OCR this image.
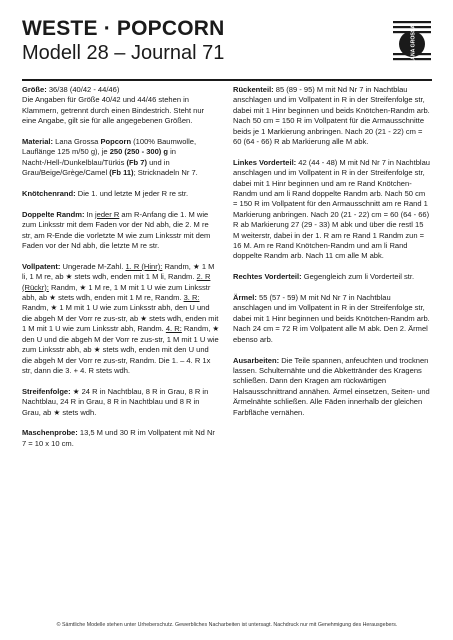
WESTE · POPCORN
Modell 28 – Journal 71	LANA GROSSA

Größe: 36/38 (40/42 - 44/46)
Die Angaben für Größe 40/42 und 44/46 stehen in Klammern, getrennt durch einen Bindestrich. Steht nur eine Angabe, gilt sie für alle angegebenen Größen.

Material: Lana Grossa Popcorn (100% Baumwolle, Lauflänge 125 m/50 g), je 250 (250 - 300) g in Nacht-/Hell-/Dunkelblau/Türkis (Fb 7) und in Grau/Beige/Grège/Camel (Fb 11); Stricknadeln Nr 7.

Knötchenrand: Die 1. und letzte M jeder R re str.

Doppelte Randm: In jeder R am R-Anfang die 1. M wie zum Linksstr mit dem Faden vor der Nd abh, die 2. M re str, am R-Ende die vorletzte M wie zum Linksstr mit dem Faden vor der Nd abh, die letzte M re str.

Vollpatent: Ungerade M-Zahl. 1. R (Hinr): Randm, ★ 1 M li, 1 M re, ab ★ stets wdh, enden mit 1 M li, Randm. 2. R (Rückr): Randm, ★ 1 M re, 1 M mit 1 U wie zum Linksstr abh, ab ★ stets wdh, enden mit 1 M re, Randm. 3. R: Randm, ★ 1 M mit 1 U wie zum Linksstr abh, den U und die abgeh M der Vorr re zus-str, ab ★ stets wdh, enden mit 1 M mit 1 U wie zum Linksstr abh, Randm. 4. R: Randm, ★ den U und die abgeh M der Vorr re zus-str, 1 M mit 1 U wie zum Linksstr abh, ab ★ stets wdh, enden mit den U und die abgeh M der Vorr re zus-str, Randm. Die 1. – 4. R 1x str, dann die 3. + 4. R stets wdh.

Streifenfolge: ★ 24 R in Nachtblau, 8 R in Grau, 8 R in Nachtblau, 24 R in Grau, 8 R in Nachtblau und 8 R in Grau, ab ★ stets wdh.

Maschenprobe: 13,5 M und 30 R im Vollpatent mit Nd Nr 7 = 10 x 10 cm.

Rückenteil: 85 (89 - 95) M mit Nd Nr 7 in Nachtblau anschlagen und im Vollpatent in R in der Streifenfolge str, dabei mit 1 Hinr beginnen und beids Knötchen-Randm arb. Nach 50 cm = 150 R im Vollpatent für die Armausschnitte beids je 1 Markierung anbringen. Nach 20 (21 - 22) cm = 60 (64 - 66) R ab Markierung alle M abk.

Linkes Vorderteil: 42 (44 - 48) M mit Nd Nr 7 in Nachtblau anschlagen und im Vollpatent in R in der Streifenfolge str, dabei mit 1 Hinr beginnen und am re Rand Knötchen-Randm und am li Rand doppelte Randm arb. Nach 50 cm = 150 R im Vollpatent für den Armausschnitt am re Rand 1 Markierung anbringen. Nach 20 (21 - 22) cm = 60 (64 - 66) R ab Markierung 27 (29 - 33) M abk und über die restl 15 M weiterstr, dabei in der 1. R am re Rand 1 Randm zun = 16 M. Am re Rand Knötchen-Randm und am li Rand doppelte Randm arb. Nach 11 cm alle M abk.

Rechtes Vorderteil: Gegengleich zum li Vorderteil str.

Ärmel: 55 (57 - 59) M mit Nd Nr 7 in Nachtblau anschlagen und im Vollpatent in R in der Streifenfolge str, dabei mit 1 Hinr beginnen und beids Knötchen-Randm arb. Nach 24 cm = 72 R im Vollpatent alle M abk. Den 2. Ärmel ebenso arb.

Ausarbeiten: Die Teile spannen, anfeuchten und trocknen lassen. Schulternähte und die Abkettränder des Kragens schließen. Dann den Kragen am rückwärtigen Halsausschnittrand annähen. Ärmel einsetzen, Seiten- und Ärmelnähte schließen. Alle Fäden innerhalb der gleichen Farbfläche vernähen.

© Sämtliche Modelle stehen unter Urheberschutz. Gewerbliches Nacharbeiten ist untersagt. Nachdruck nur mit Genehmigung des Herausgebers.
